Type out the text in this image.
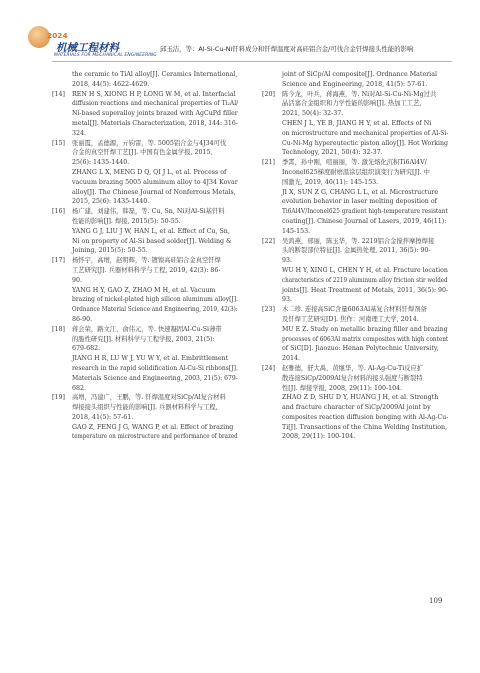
2024
机械工程材料
MATERIALS FOR MECHANICAL ENGINEERING
邱玉洁，等：Al-Si-Cu-Ni钎料成分和钎焊温度对高硅铝合金/可伐合金钎焊接头性能的影响
the ceramic to TiAl alloy[J]. Ceramics International,
2018, 44(5): 4622-4629.
[14] REN H S, XIONG H P, LONG W M, et al. Interfacial
diffusion reactions and mechanical properties of Ti₂Al/
Ni-based superalloy joints brazed with AgCuPd filler
metal[J]. Materials Characterization, 2018, 144: 316-
324.
[15] 张丽霞，孟德源，亓钧雷，等. 5005铝合金与4J34可伐
合金的真空钎焊工艺[J]. 中国有色金属学报, 2015,
25(6): 1435-1440.
ZHANG L X, MENG D Q, QI J L, et al. Process of
vacuum brazing 5005 aluminum alloy to 4J34 Kovar
alloy[J]. The Chinese Journal of Nonferrous Metals,
2015, 25(6): 1435-1440.
[16] 杨广建，刘建伟，韩磊，等. Cu, Sn, Ni对Al-Si基钎料
性能的影响[J]. 焊接, 2015(5): 50-55.
YANG G J, LIU J W, HAN L, et al. Effect of Cu, Sn,
Ni on property of Al-Si based solder[J]. Welding &
Joining, 2015(5): 50-55.
[17] 杨怀宇，高增，赵明辉，等. 镀镍高硅铝合金真空钎焊
工艺研究[J]. 兵器材料科学与工程, 2019, 42(3): 86-
90.
YANG H Y, GAO Z, ZHAO M H, et al. Vacuum
brazing of nickel-plated high silicon aluminum alloy[J].
Ordnance Material Science and Engineering, 2019, 42(3):
86-90.
[18] 蒋会荣，路文江，俞伟元，等. 快速凝固Al-Cu-Si薄带
的脆性研究[J]. 材料科学与工程学报, 2003, 21(5):
679-682.
JIANG H R, LU W J, YU W Y, et al. Embrittlement
research in the rapid solidification Al-Cu-Si ribbons[J].
Materials Science and Engineering, 2003, 21(5): 679-
682.
[19] 高增，冯建广，王鹏，等. 钎焊温度对SiCp/Al复合材料
焊接接头组织与性能的影响[J]. 兵器材料科学与工程,
2018, 41(5): 57-61.
GAO Z, FENG J G, WANG P, et al. Effect of brazing
temperature on microstructure and performance of brazed
joint of SiCp/Al composite[J]. Ordnance Material
Science and Engineering, 2018, 41(5): 57-61.
[20] 陈今龙，叶兵，蒋海燕，等. Ni对Al-Si-Cu-Ni-Mg过共
晶活塞合金组织和力学性能的影响[J]. 热加工工艺,
2021, 50(4): 32-37.
CHEN J L, YE B, JIANG H Y, et al. Effects of Ni
on microstructure and mechanical properties of Al-Si-
Cu-Ni-Mg hypereutectic piston alloy[J]. Hot Working
Technology, 2021, 50(4): 32-37.
[21] 季霄，孙中刚，喧丽丽，等. 激光熔化沉积Ti6Al4V/
Inconel625梯度耐磨温涂层组织演变行为研究[J]. 中
国激光, 2019, 46(11): 145-153.
JI X, SUN Z G, CHANG L L, et al. Microstructure
evolution behavior in laser melting deposition of
Ti6Al4V/Inconel625 gradient high-temperature resistant
coating[J]. Chinese Journal of Lasers, 2019, 46(11):
145-153.
[22] 吴鸿燕，邢丽，陈玉华，等. 2219铝合金搅拌摩擦焊接
头的断裂部位特征[J]. 金属热处理, 2011, 36(5): 90-
93.
WU H Y, XING L, CHEN Y H, et al. Fracture location
characteristics of 2219 aluminum alloy friction stir welded
joints[J]. Heat Treatment of Metals, 2011, 36(5): 90-
93.
[23] 木二珍. 连接高SiC含量6063Al基复合材料钎焊剂备
及钎焊工艺研究[D]. 焦作：河南理工大学, 2014.
MU E Z. Study on metallic brazing filler and brazing
processes of 6063Al matrix composites with high content
of SiC[D]. Jiaozuo: Henan Polytechnic University,
2014.
[24] 赵雅德，舒大禹，黄继华，等. Al-Ag-Cu-Ti反应扩
散连接SiCp/2009Al复合材料的接头强度与断裂特
性[J]. 焊接学报, 2008, 29(11): 100-104.
ZHAO Z D, SHU D Y, HUANG J H, et al. Strength
and fracture character of SiCp/2009Al joint by
composites reaction diffusion bonging with Al-Ag-Cu-
Ti[J]. Transactions of the China Welding Institution,
2008, 29(11): 100-104.
109
